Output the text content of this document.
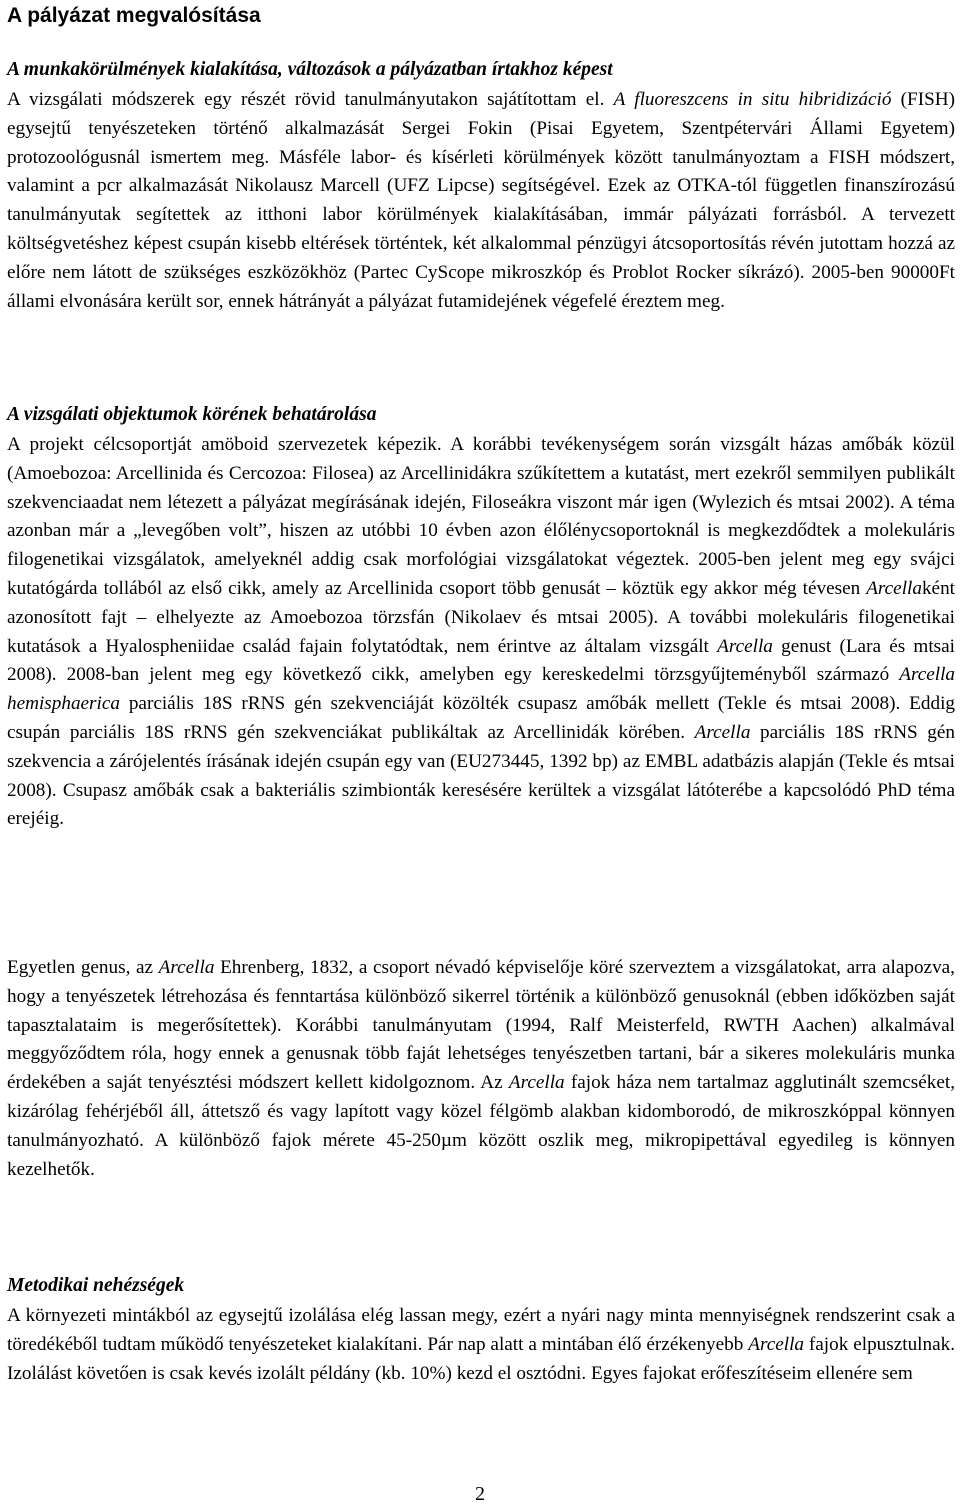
A pályázat megvalósítása
A munkakörülmények kialakítása, változások a pályázatban írtakhoz képest

A vizsgálati módszerek egy részét rövid tanulmányutakon sajátítottam el. A fluoreszcens in situ hibridizáció (FISH) egysejtű tenyészeteken történő alkalmazását Sergei Fokin (Pisai Egyetem, Szentpétervári Állami Egyetem) protozoológusnál ismertem meg. Másféle labor- és kísérleti körülmények között tanulmányoztam a FISH módszert, valamint a pcr alkalmazását Nikolausz Marcell (UFZ Lipcse) segítségével. Ezek az OTKA-tól független finanszírozású tanulmányutak segítettek az itthoni labor körülmények kialakításában, immár pályázati forrásból. A tervezett költségvetéshez képest csupán kisebb eltérések történtek, két alkalommal pénzügyi átcsoportosítás révén jutottam hozzá az előre nem látott de szükséges eszközökhöz (Partec CyScope mikroszkóp és Problot Rocker síkrázó). 2005-ben 90000Ft állami elvonására került sor, ennek hátrányát a pályázat futamidejének végefelé éreztem meg.

A vizsgálati objektumok körének behatárolása

A projekt célcsoportját amöboid szervezetek képezik. A korábbi tevékenységem során vizsgált házas amőbák közül (Amoebozoa: Arcellinida és Cercozoa: Filosea) az Arcellinidákra szűkítettem a kutatást, mert ezekről semmilyen publikált szekvenciaadat nem létezett a pályázat megírásának idején, Filoseákra viszont már igen (Wylezich és mtsai 2002). A téma azonban már a „levegőben volt”, hiszen az utóbbi 10 évben azon élőlénycsoportoknál is megkezdődtek a molekuláris filogenetikai vizsgálatok, amelyeknél addig csak morfológiai vizsgálatokat végeztek. 2005-ben jelent meg egy svájci kutatógárda tollából az első cikk, amely az Arcellinida csoport több genusát – köztük egy akkor még tévesen Arcellaként azonosított fajt – elhelyezte az Amoebozoa törzsfán (Nikolaev és mtsai 2005). A további molekuláris filogenetikai kutatások a Hyalospheniidae család fajain folytatódtak, nem érintve az általam vizsgált Arcella genust (Lara és mtsai 2008). 2008-ban jelent meg egy következő cikk, amelyben egy kereskedelmi törzsgyűjteményből származó Arcella hemisphaerica parciális 18S rRNS gén szekvenciáját közölték csupasz amőbák mellett (Tekle és mtsai 2008). Eddig csupán parciális 18S rRNS gén szekvenciákat publikáltak az Arcellinidák körében. Arcella parciális 18S rRNS gén szekvencia a zárójelentés írásának idején csupán egy van (EU273445, 1392 bp) az EMBL adatbázis alapján (Tekle és mtsai 2008). Csupasz amőbák csak a bakteriális szimbionták keresésére kerültek a vizsgálat látóterébe a kapcsolódó PhD téma erejéig.

Egyetlen genus, az Arcella Ehrenberg, 1832, a csoport névadó képviselője köré szerveztem a vizsgálatokat, arra alapozva, hogy a tenyészetek létrehozása és fenntartása különböző sikerrel történik a különböző genusoknál (ebben időközben saját tapasztalataim is megerősítettek). Korábbi tanulmányutam (1994, Ralf Meisterfeld, RWTH Aachen) alkalmával meggyőződtem róla, hogy ennek a genusnak több faját lehetséges tenyészetben tartani, bár a sikeres molekuláris munka érdekében a saját tenyésztési módszert kellett kidolgoznom. Az Arcella fajok háza nem tartalmaz agglutinált szemcséket, kizárólag fehérjéből áll, áttetsző és vagy lapított vagy közel félgömb alakban kidomborodó, de mikroszkóppal könnyen tanulmányozható. A különböző fajok mérete 45-250µm között oszlik meg, mikropipettával egyedileg is könnyen kezelhetők.

Metodikai nehézségek

A környezeti mintákból az egysejtű izolálása elég lassan megy, ezért a nyári nagy minta mennyiségnek rendszerint csak a töredékéből tudtam működő tenyészeteket kialakítani. Pár nap alatt a mintában élő érzékenyebb Arcella fajok elpusztulnak. Izolálást követően is csak kevés izolált példány (kb. 10%) kezd el osztódni. Egyes fajokat erőfeszítéseim ellenére sem

2
